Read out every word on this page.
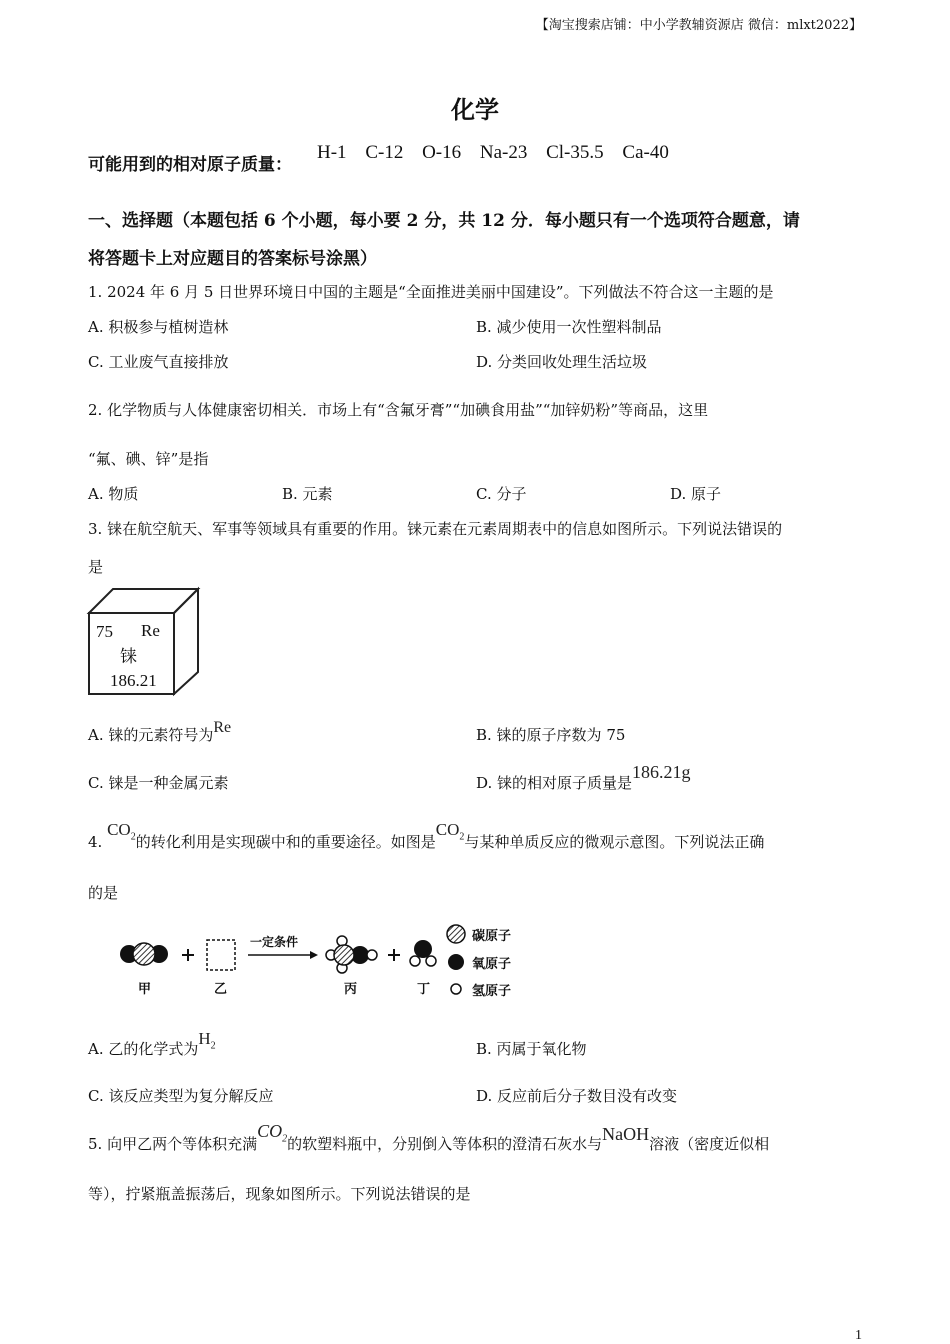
【淘宝搜索店铺：中小学教辅资源店 微信：mlxt2022】
化学
可能用到的相对原子质量：
H-1 C-12 O-16 Na-23 Cl-35.5 Ca-40
一、选择题（本题包括 6 个小题，每小要 2 分，共 12 分．每小题只有一个选项符合题意，请
将答题卡上对应题目的答案标号涂黑）
1. 2024 年 6 月 5 日世界环境日中国的主题是“全面推进美丽中国建设”。下列做法不符合这一主题的是
A. 积极参与植树造林	B. 减少使用一次性塑料制品
C. 工业废气直接排放	D. 分类回收处理生活垃圾
2. 化学物质与人体健康密切相关．市场上有“含氟牙膏”“加碘食用盐”“加锌奶粉”等商品，这里
“氟、碘、锌”是指
A. 物质	B. 元素	C. 分子	D. 原子
3. 铼在航空航天、军事等领域具有重要的作用。铼元素在元素周期表中的信息如图所示。下列说法错误的
是
75 Re
铼
186.21
A. 铼的元素符号为Re	B. 铼的原子序数为 75
C. 铼是一种金属元素	D. 铼的相对原子质量是186.21g
4. $CO_2$的转化利用是实现碳中和的重要途径。如图是$CO_2$与某种单质反应的微观示意图。下列说法正确
的是
一定条件
甲	乙	丙	丁
碳原子
氧原子
氢原子
A. 乙的化学式为$H_2$	B. 丙属于氧化物
C. 该反应类型为复分解反应	D. 反应前后分子数目没有改变
5. 向甲乙两个等体积充满$CO_2$的软塑料瓶中，分别倒入等体积的澄清石灰水与NaOH溶液（密度近似相
等），拧紧瓶盖振荡后，现象如图所示。下列说法错误的是
1
